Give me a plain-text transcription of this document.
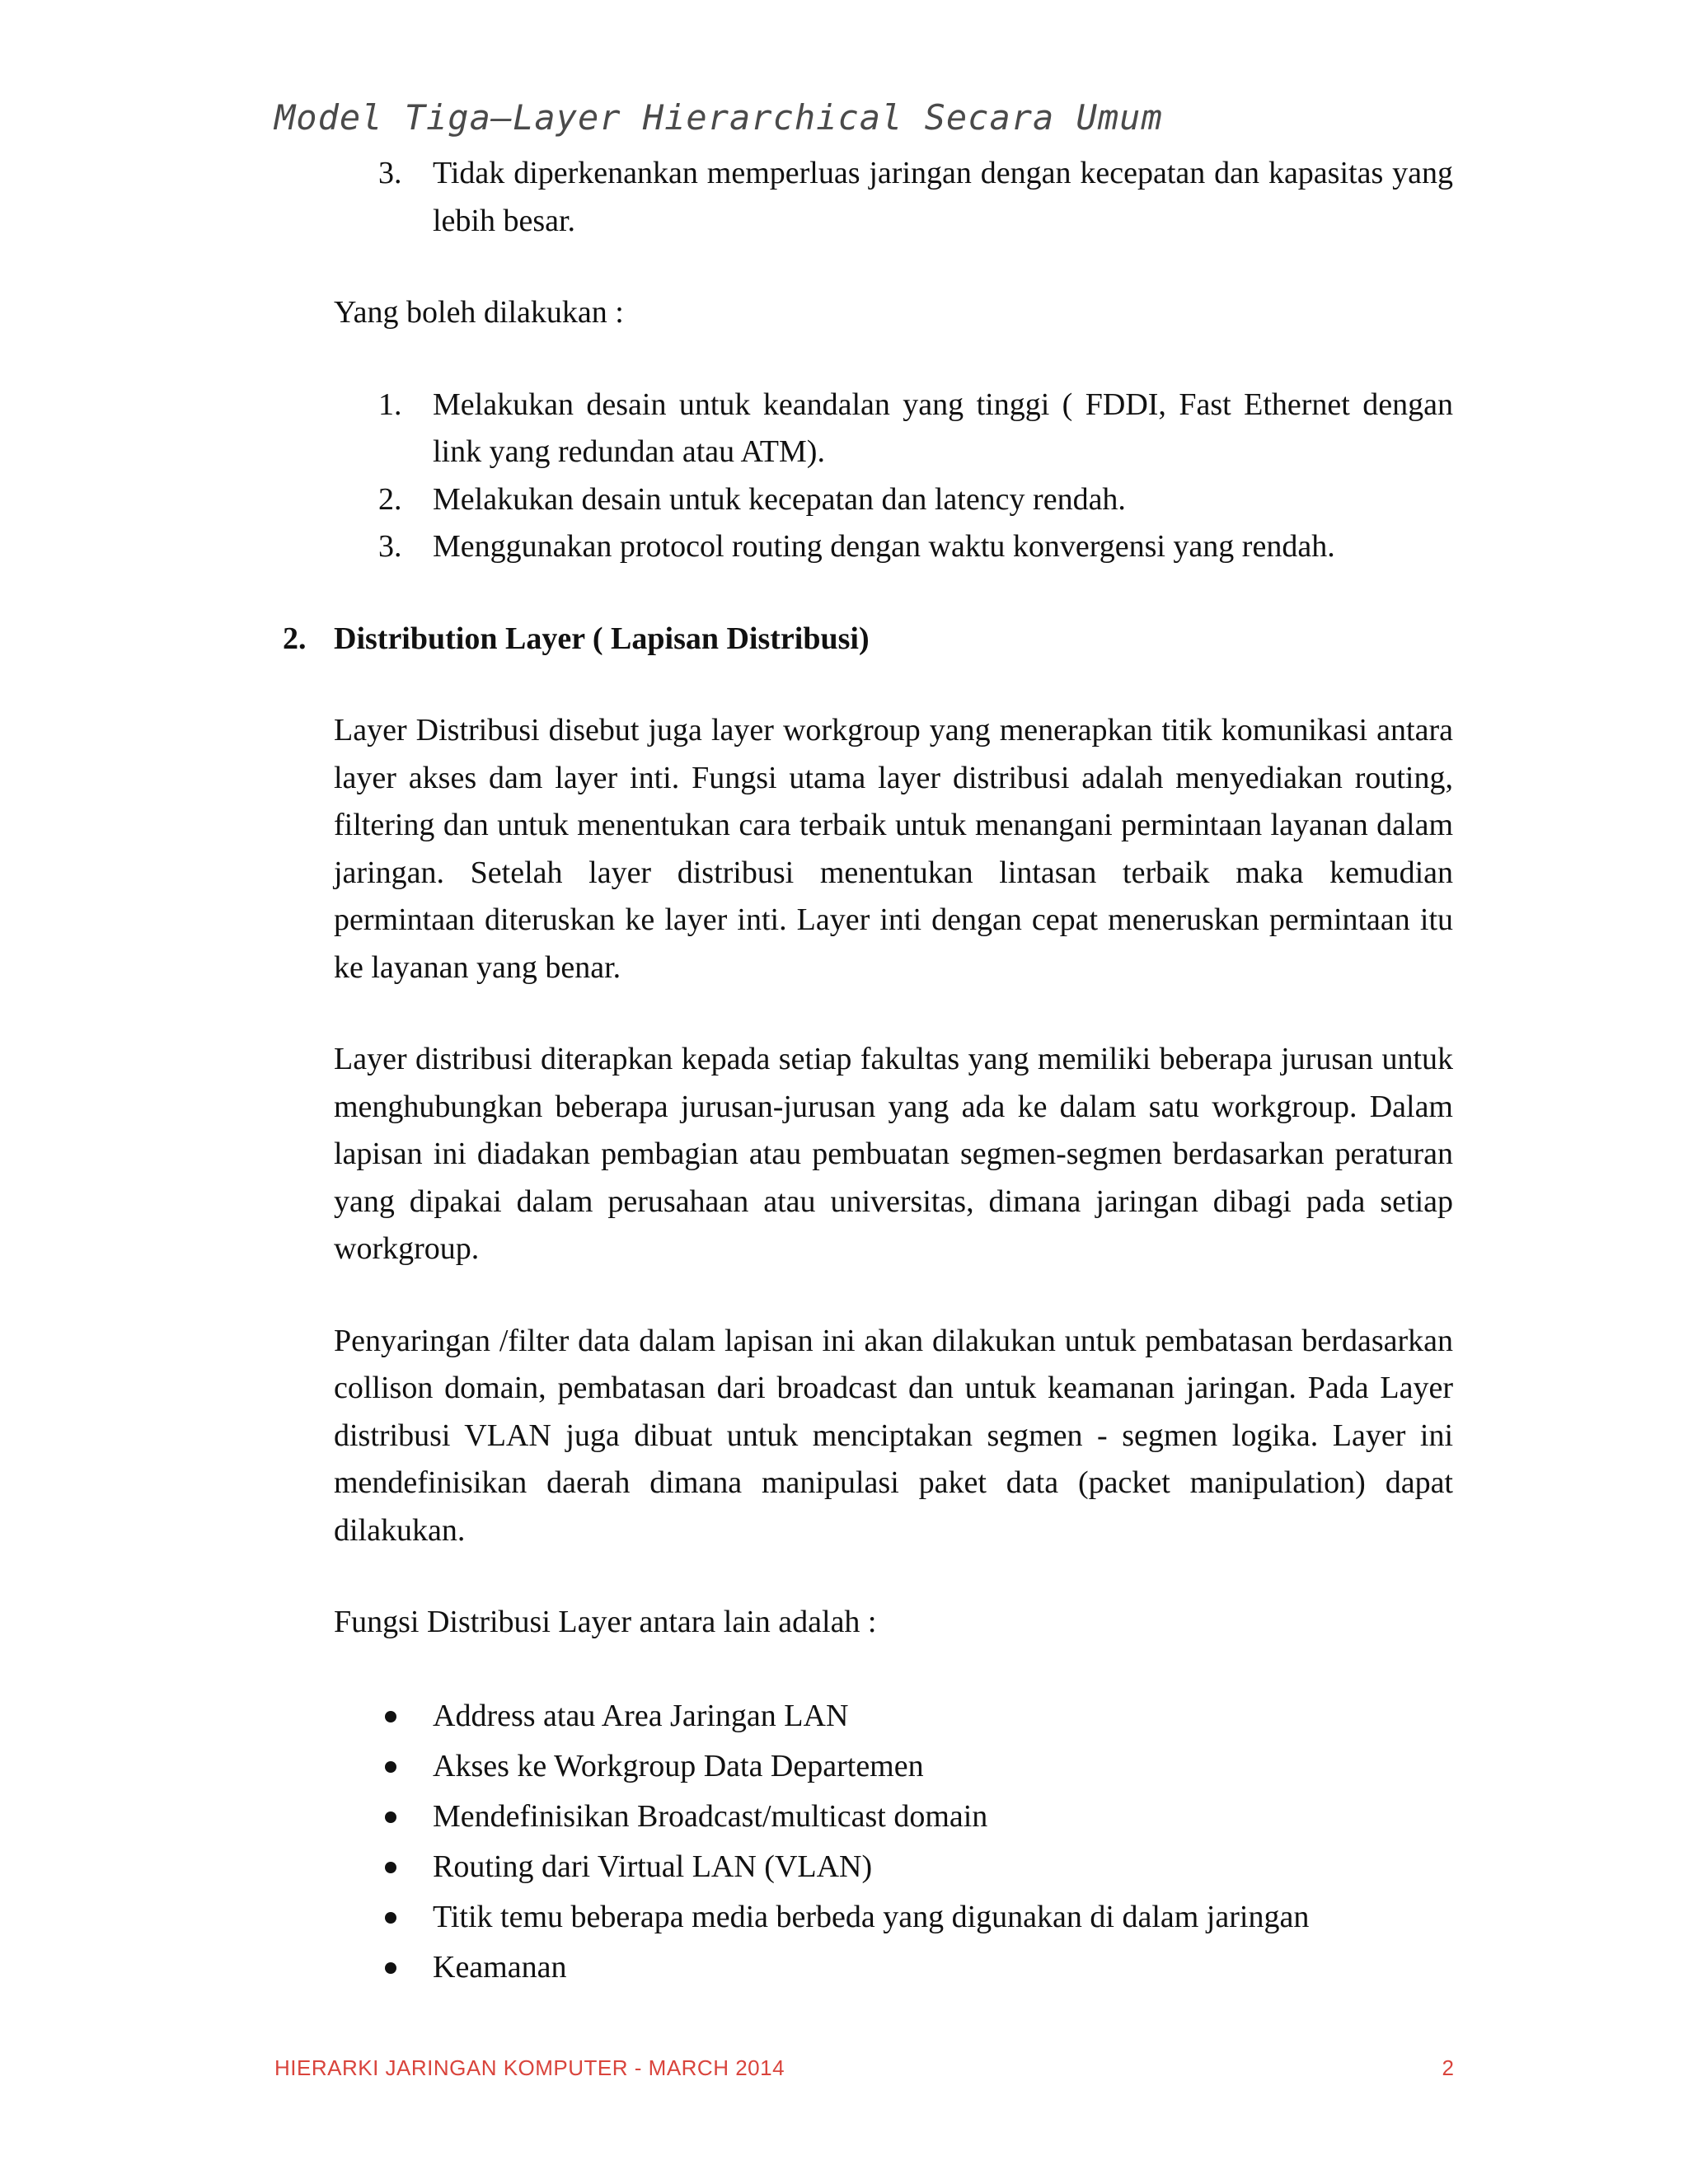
Model Tiga–Layer Hierarchical Secara Umum
3. Tidak diperkenankan memperluas jaringan dengan kecepatan dan kapasitas yang lebih besar.

Yang boleh dilakukan :

1. Melakukan desain untuk keandalan yang tinggi ( FDDI, Fast Ethernet dengan link yang redundan atau ATM).
2. Melakukan desain untuk kecepatan dan latency rendah.
3. Menggunakan protocol routing dengan waktu konvergensi yang rendah.
2. Distribution Layer ( Lapisan Distribusi)

Layer Distribusi disebut juga layer workgroup yang menerapkan titik komunikasi antara layer akses dam layer inti. Fungsi utama layer distribusi adalah menyediakan routing, filtering dan untuk menentukan cara terbaik untuk menangani permintaan layanan dalam jaringan. Setelah layer distribusi menentukan lintasan terbaik maka kemudian permintaan diteruskan ke layer inti. Layer inti dengan cepat meneruskan permintaan itu ke layanan yang benar.

Layer distribusi diterapkan kepada setiap fakultas yang memiliki beberapa jurusan untuk menghubungkan beberapa jurusan-jurusan yang ada ke dalam satu workgroup. Dalam lapisan ini diadakan pembagian atau pembuatan segmen-segmen berdasarkan peraturan yang dipakai dalam perusahaan atau universitas, dimana jaringan dibagi pada setiap workgroup.

Penyaringan /filter data dalam lapisan ini akan dilakukan untuk pembatasan berdasarkan collison domain, pembatasan dari broadcast dan untuk keamanan jaringan. Pada Layer distribusi VLAN juga dibuat untuk menciptakan segmen - segmen logika. Layer ini mendefinisikan daerah dimana manipulasi paket data (packet manipulation) dapat dilakukan.

Fungsi Distribusi Layer antara lain adalah :

Address atau Area Jaringan LAN
Akses ke Workgroup Data Departemen
Mendefinisikan Broadcast/multicast domain
Routing dari Virtual LAN (VLAN)
Titik temu beberapa media berbeda yang digunakan di dalam jaringan
Keamanan
HIERARKI JARINGAN KOMPUTER - MARCH 2014	2
